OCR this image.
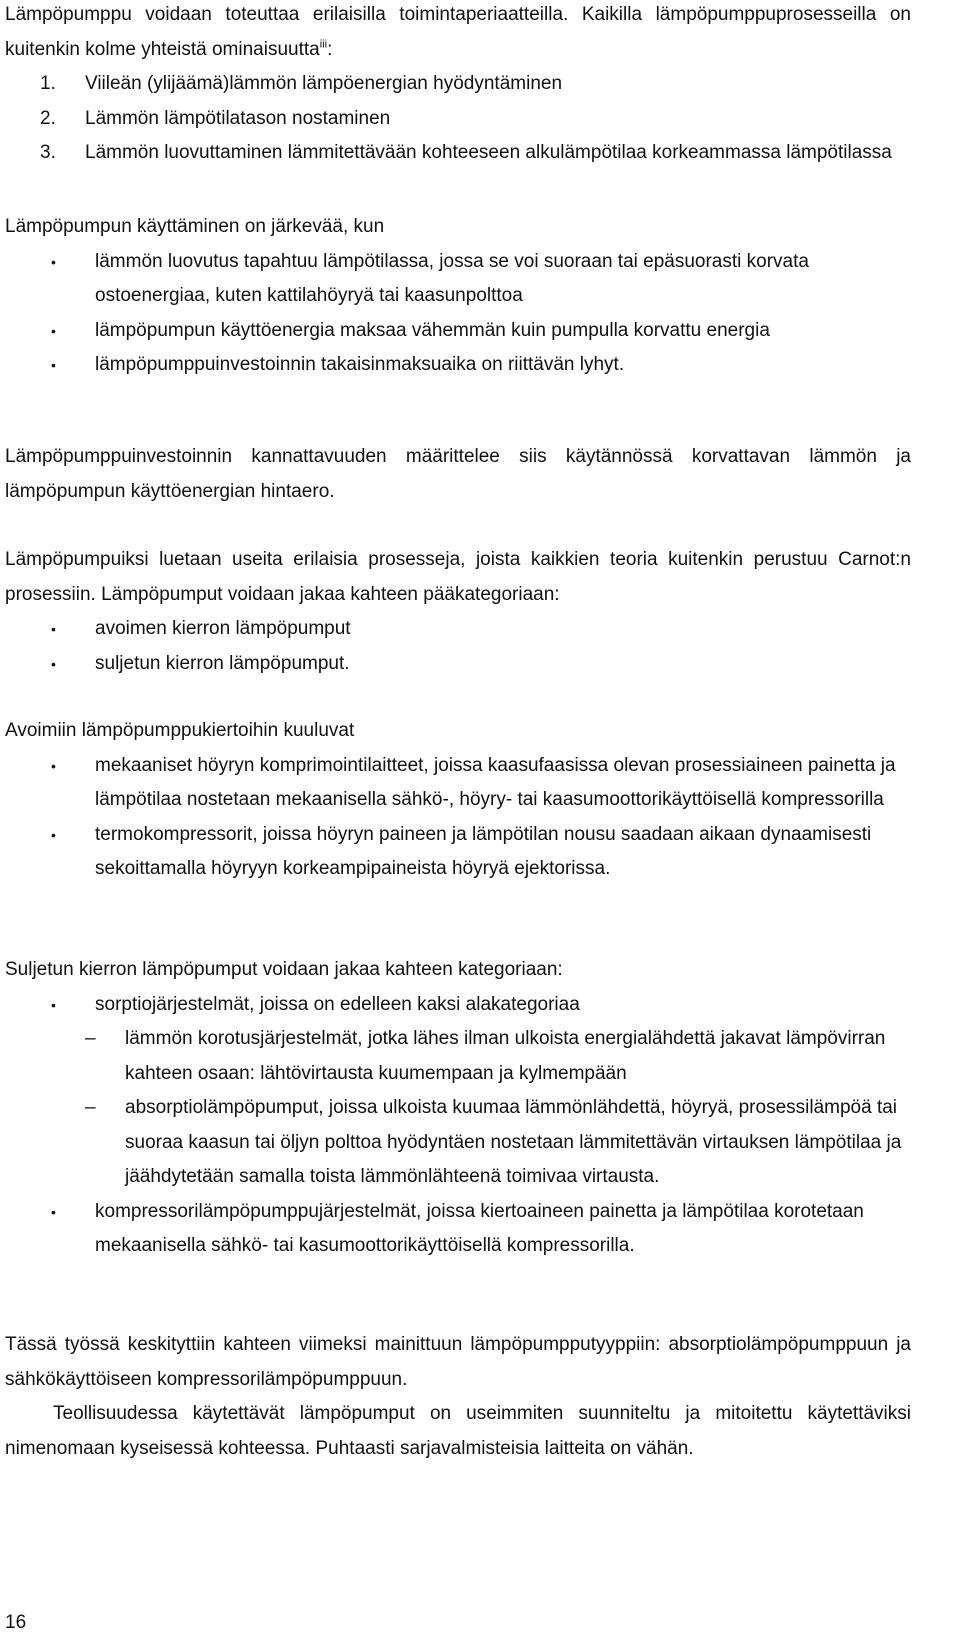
Lämpöpumppu voidaan toteuttaa erilaisilla toimintaperiaatteilla. Kaikilla lämpöpumppuprosesseilla on kuitenkin kolme yhteistä ominaisuutta$^{iii}$:

1. Viileän (ylijäämä)lämmön lämpöenergian hyödyntäminen
2. Lämmön lämpötilatason nostaminen
3. Lämmön luovuttaminen lämmitettävään kohteeseen alkulämpötilaa korkeammassa lämpötilassa

Lämpöpumpun käyttäminen on järkevää, kun

• lämmön luovutus tapahtuu lämpötilassa, jossa se voi suoraan tai epäsuorasti korvata ostoenergiaa, kuten kattilahöyryä tai kaasunpolttoa
• lämpöpumpun käyttöenergia maksaa vähemmän kuin pumpulla korvattu energia
• lämpöpumppuinvestoinnin takaisinmaksuaika on riittävän lyhyt.

Lämpöpumppuinvestoinnin kannattavuuden määrittelee siis käytännössä korvattavan lämmön ja lämpöpumpun käyttöenergian hintaero.

Lämpöpumpuiksi luetaan useita erilaisia prosesseja, joista kaikkien teoria kuitenkin perustuu Carnot:n prosessiin. Lämpöpumput voidaan jakaa kahteen pääkategoriaan:

• avoimen kierron lämpöpumput
• suljetun kierron lämpöpumput.

Avoimiin lämpöpumppukiertoihin kuuluvat

• mekaaniset höyryn komprimointilaitteet, joissa kaasufaasissa olevan prosessiaineen painetta ja lämpötilaa nostetaan mekaanisella sähkö-, höyry- tai kaasumoottorikäyttöisellä kompressorilla
• termokompressorit, joissa höyryn paineen ja lämpötilan nousu saadaan aikaan dynaamisesti sekoittamalla höyryyn korkeampipaineista höyryä ejektorissa.

Suljetun kierron lämpöpumput voidaan jakaa kahteen kategoriaan:

• sorptiojärjestelmät, joissa on edelleen kaksi alakategoriaa
– lämmön korotusjärjestelmät, jotka lähes ilman ulkoista energialähdettä jakavat lämpövirran kahteen osaan: lähtövirtausta kuumempaan ja kylmempään
– absorptiolämpöpumput, joissa ulkoista kuumaa lämmönlähdettä, höyryä, prosessilämpöä tai suoraa kaasun tai öljyn polttoa hyödyntäen nostetaan lämmitettävän virtauksen lämpötilaa ja jäähdytetään samalla toista lämmönlähteenä toimivaa virtausta.
• kompressorilämpöpumppujärjestelmät, joissa kiertoaineen painetta ja lämpötilaa korotetaan mekaanisella sähkö- tai kasumoottorikäyttöisellä kompressorilla.

Tässä työssä keskityttiin kahteen viimeksi mainittuun lämpöpumpputyyppiin: absorptiolämpöpumppuun ja sähkökäyttöiseen kompressorilämpöpumppuun.

Teollisuudessa käytettävät lämpöpumput on useimmiten suunniteltu ja mitoitettu käytettäviksi nimenomaan kyseisessä kohteessa. Puhtaasti sarjavalmisteisia laitteita on vähän.

16
